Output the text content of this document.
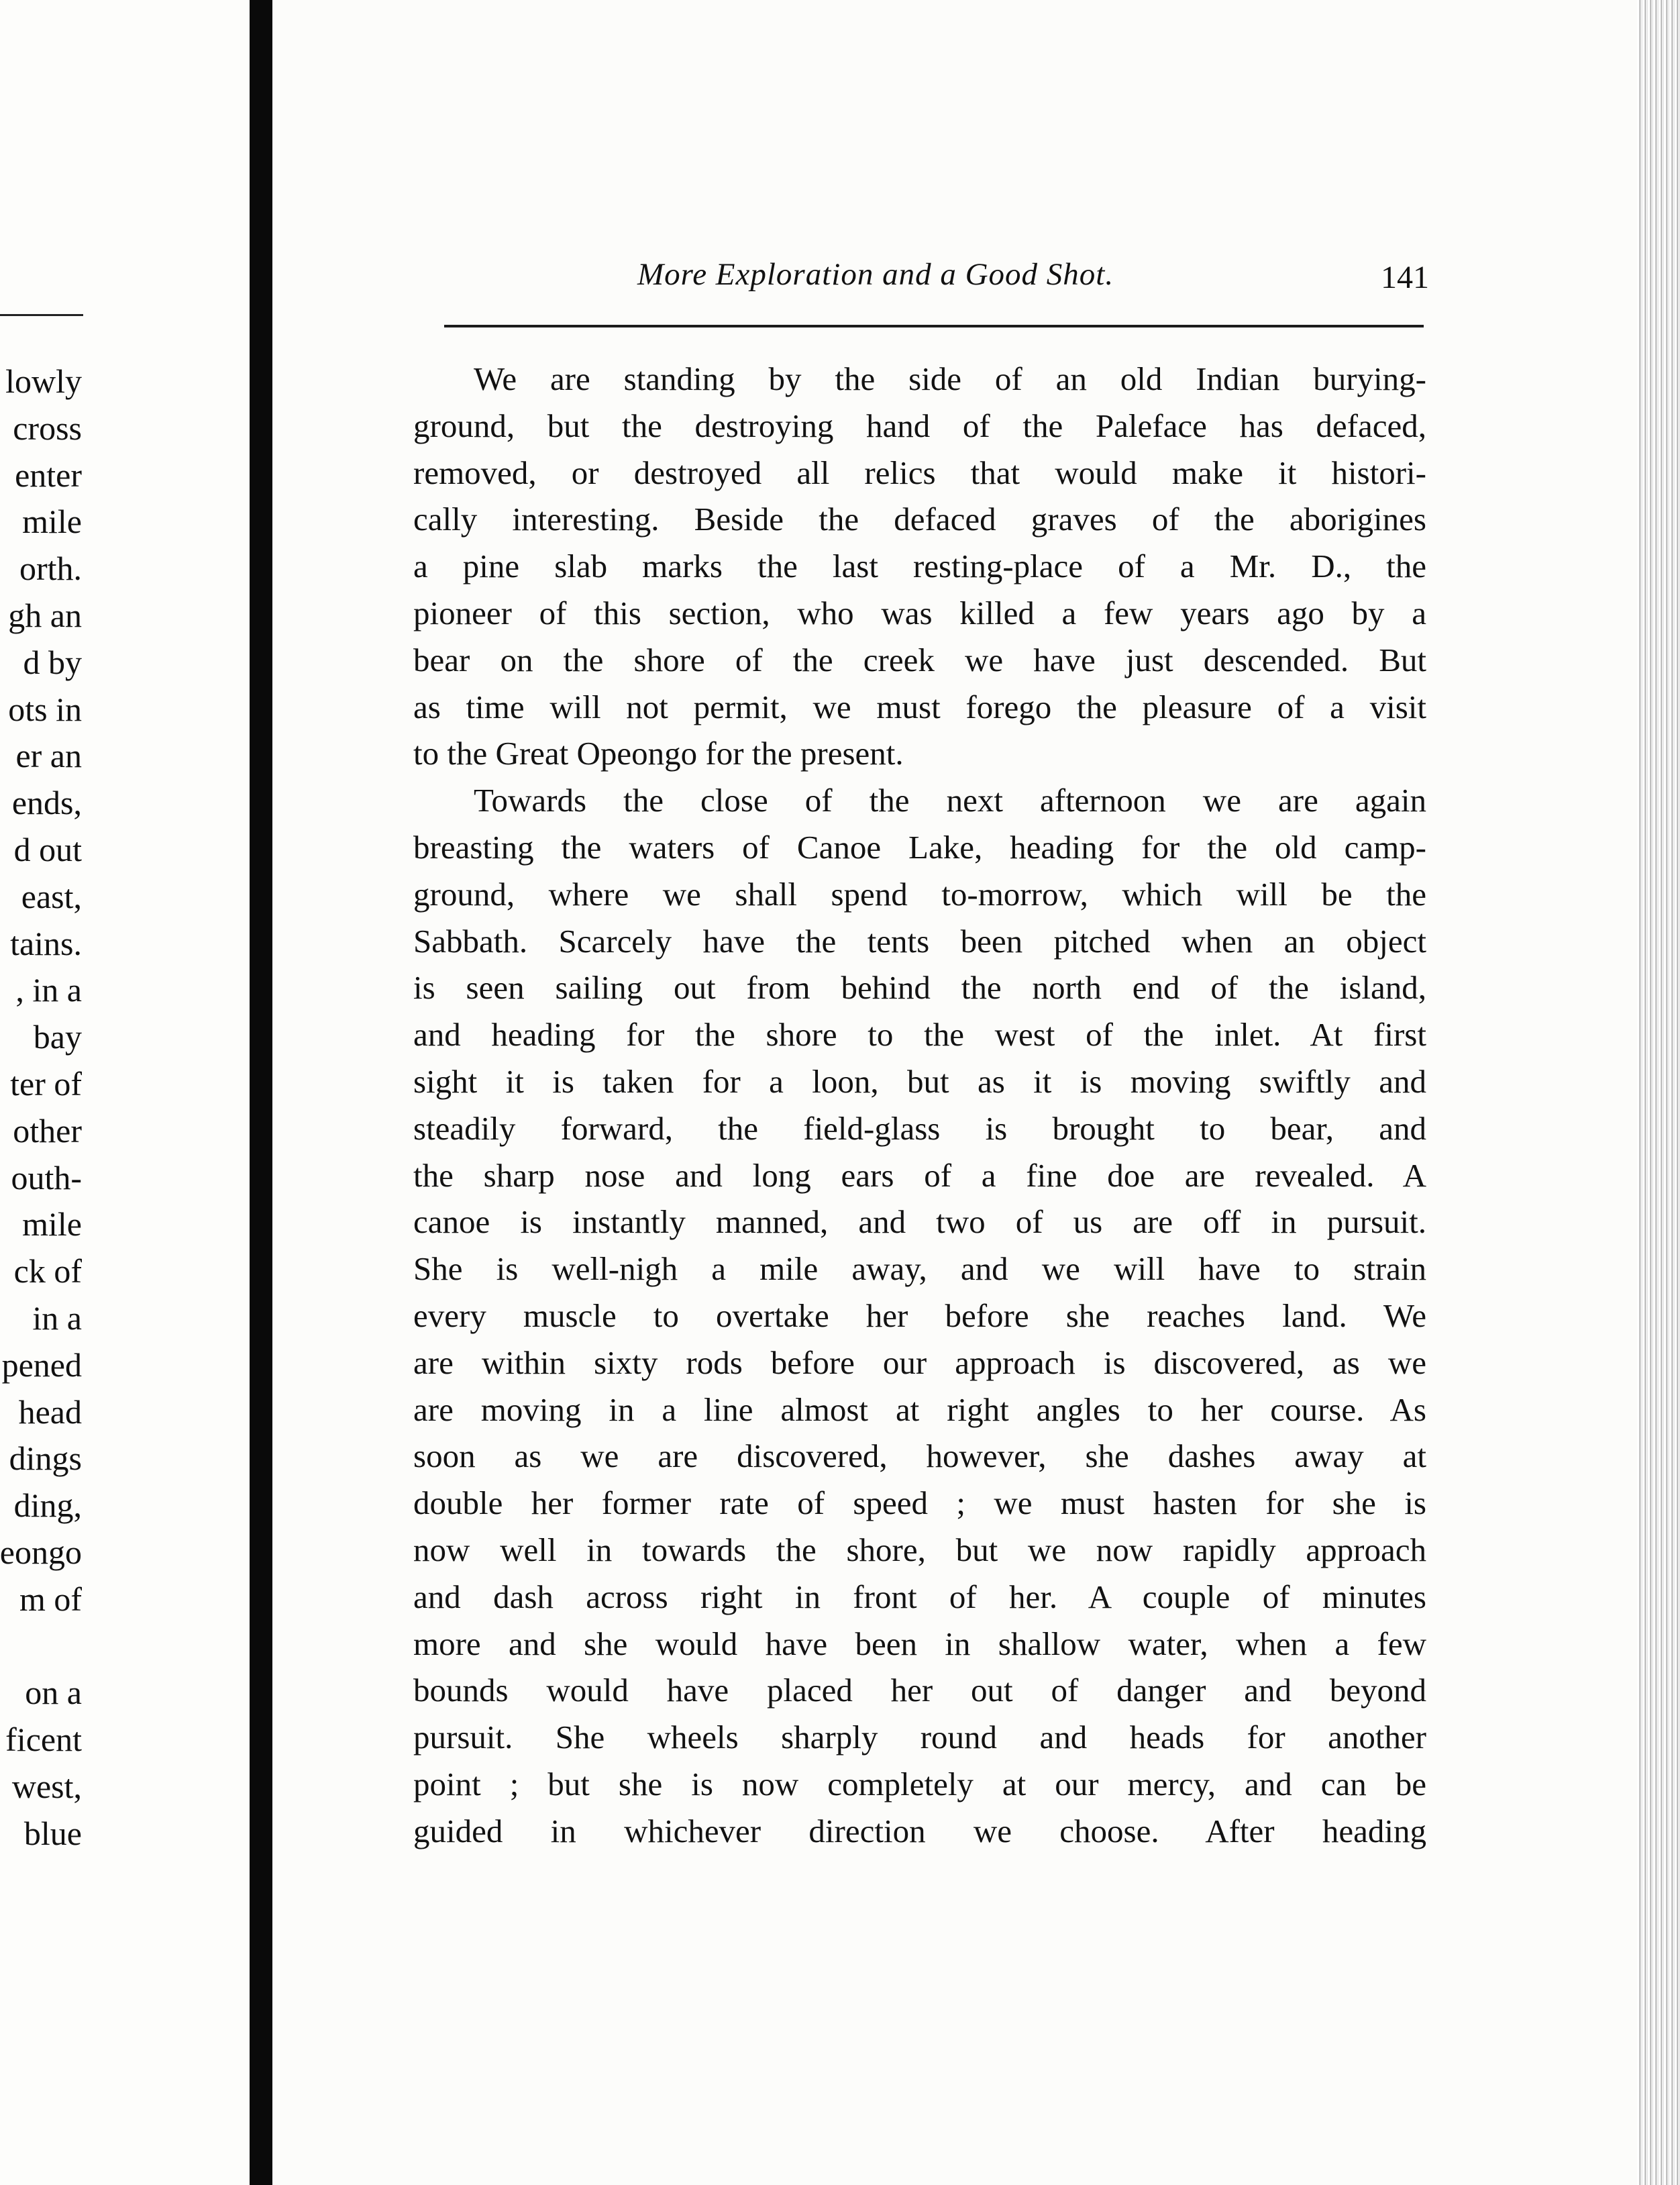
lowly
cross
enter
mile
orth.
gh an
d by
ots in
er an
ends,
d out
east,
tains.
, in a
bay
ter of
other
outh-
mile
ck of
in a
pened
head
dings
ding,
eongo
m of
on a
ficent
west,
blue
More Exploration and a Good Shot.	141
We are standing by the side of an old Indian burying-
ground, but the destroying hand of the Paleface has defaced,
removed, or destroyed all relics that would make it histori-
cally interesting. Beside the defaced graves of the aborigines
a pine slab marks the last resting-place of a Mr. D., the
pioneer of this section, who was killed a few years ago by a
bear on the shore of the creek we have just descended. But
as time will not permit, we must forego the pleasure of a visit
to the Great Opeongo for the present.
Towards the close of the next afternoon we are again
breasting the waters of Canoe Lake, heading for the old camp-
ground, where we shall spend to-morrow, which will be the
Sabbath. Scarcely have the tents been pitched when an object
is seen sailing out from behind the north end of the island,
and heading for the shore to the west of the inlet. At first
sight it is taken for a loon, but as it is moving swiftly and
steadily forward, the field-glass is brought to bear, and
the sharp nose and long ears of a fine doe are revealed. A
canoe is instantly manned, and two of us are off in pursuit.
She is well-nigh a mile away, and we will have to strain
every muscle to overtake her before she reaches land. We
are within sixty rods before our approach is discovered, as we
are moving in a line almost at right angles to her course. As
soon as we are discovered, however, she dashes away at
double her former rate of speed ; we must hasten for she is
now well in towards the shore, but we now rapidly approach
and dash across right in front of her. A couple of minutes
more and she would have been in shallow water, when a few
bounds would have placed her out of danger and beyond
pursuit. She wheels sharply round and heads for another
point ; but she is now completely at our mercy, and can be
guided in whichever direction we choose. After heading
